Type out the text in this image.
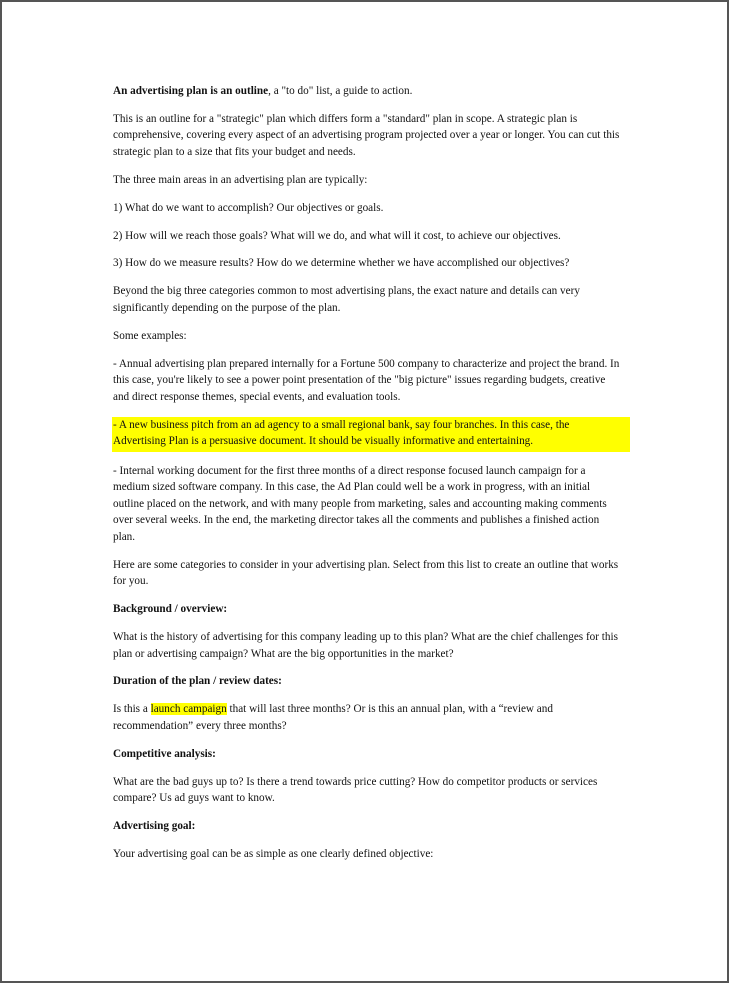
An advertising plan is an outline, a "to do" list, a guide to action.

This is an outline for a "strategic" plan which differs form a "standard" plan in scope. A strategic plan is comprehensive, covering every aspect of an advertising program projected over a year or longer. You can cut this strategic plan to a size that fits your budget and needs.

The three main areas in an advertising plan are typically:

1) What do we want to accomplish? Our objectives or goals.

2) How will we reach those goals? What will we do, and what will it cost, to achieve our objectives.

3) How do we measure results? How do we determine whether we have accomplished our objectives?

Beyond the big three categories common to most advertising plans, the exact nature and details can very significantly depending on the purpose of the plan.

Some examples:

- Annual advertising plan prepared internally for a Fortune 500 company to characterize and project the brand. In this case, you're likely to see a power point presentation of the "big picture" issues regarding budgets, creative and direct response themes, special events, and evaluation tools.

- A new business pitch from an ad agency to a small regional bank, say four branches. In this case, the Advertising Plan is a persuasive document. It should be visually informative and entertaining.

- Internal working document for the first three months of a direct response focused launch campaign for a medium sized software company. In this case, the Ad Plan could well be a work in progress, with an initial outline placed on the network, and with many people from marketing, sales and accounting making comments over several weeks. In the end, the marketing director takes all the comments and publishes a finished action plan.

Here are some categories to consider in your advertising plan. Select from this list to create an outline that works for you.

Background / overview:

What is the history of advertising for this company leading up to this plan? What are the chief challenges for this plan or advertising campaign? What are the big opportunities in the market?

Duration of the plan / review dates:

Is this a launch campaign that will last three months? Or is this an annual plan, with a “review and recommendation” every three months?

Competitive analysis:

What are the bad guys up to? Is there a trend towards price cutting? How do competitor products or services compare? Us ad guys want to know.

Advertising goal:

Your advertising goal can be as simple as one clearly defined objective:
